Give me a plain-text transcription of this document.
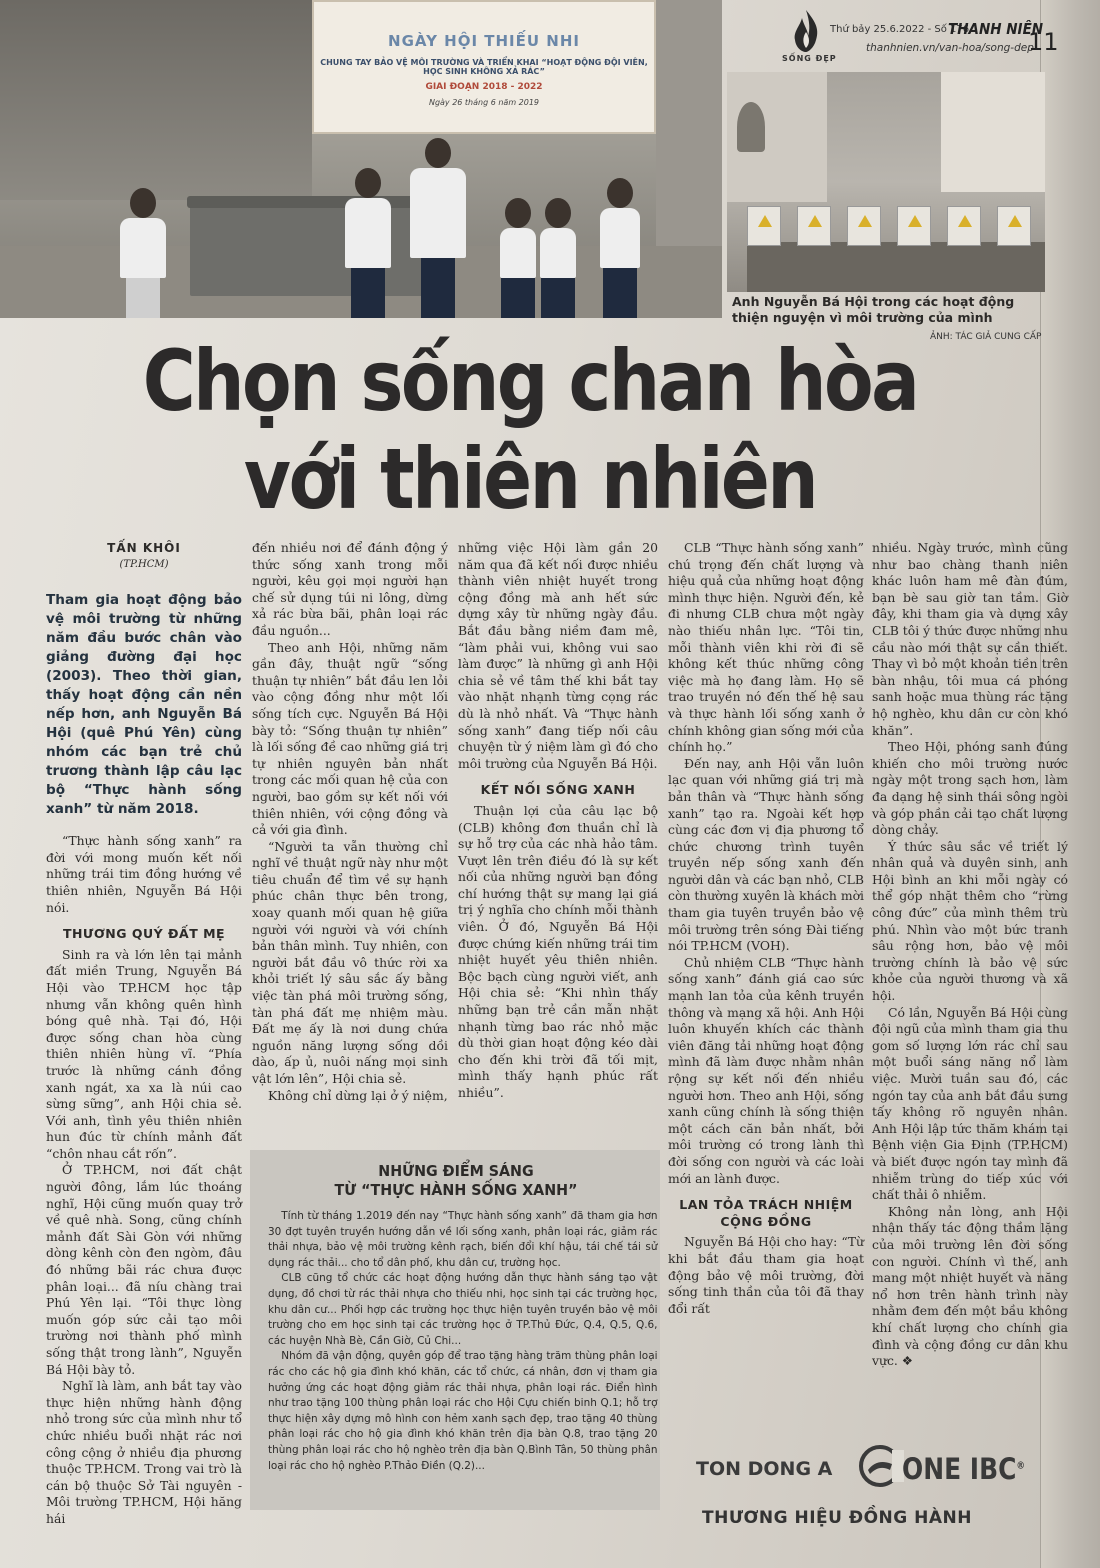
NGÀY HỘI THIẾU NHI
CHUNG TAY BẢO VỆ MÔI TRƯỜNG VÀ TRIỂN KHAI “HOẠT ĐỘNG ĐỘI VIÊN, HỌC SINH KHÔNG XẢ RÁC”
GIAI ĐOẠN 2018 - 2022
Ngày 26 tháng 6 năm 2019
SỐNG ĐẸP
Thứ bảy 25.6.2022 - Số 176
THANH NIÊN
thanhnien.vn/van-hoa/song-dep
11
Anh Nguyễn Bá Hội trong các hoạt động thiện nguyện vì môi trường của mình
ẢNH: TÁC GIẢ CUNG CẤP
Chọn sống chan hòa
với thiên nhiên
TẤN KHÔI
(TP.HCM)
Tham gia hoạt động bảo vệ môi trường từ những năm đầu bước chân vào giảng đường đại học (2003). Theo thời gian, thấy hoạt động cần nền nếp hơn, anh Nguyễn Bá Hội (quê Phú Yên) cùng nhóm các bạn trẻ chủ trương thành lập câu lạc bộ “Thực hành sống xanh” từ năm 2018.

“Thực hành sống xanh” ra đời với mong muốn kết nối những trái tim đồng hướng về thiên nhiên, Nguyễn Bá Hội nói.

THƯƠNG QUÝ ĐẤT MẸ

Sinh ra và lớn lên tại mảnh đất miền Trung, Nguyễn Bá Hội vào TP.HCM học tập nhưng vẫn không quên hình bóng quê nhà. Tại đó, Hội được sống chan hòa cùng thiên nhiên hùng vĩ. “Phía trước là những cánh đồng xanh ngát, xa xa là núi cao sừng sững”, anh Hội chia sẻ. Với anh, tình yêu thiên nhiên hun đúc từ chính mảnh đất “chôn nhau cắt rốn”.

Ở TP.HCM, nơi đất chật người đông, lắm lúc thoáng nghĩ, Hội cũng muốn quay trở về quê nhà. Song, cũng chính mảnh đất Sài Gòn với những dòng kênh còn đen ngòm, đâu đó những bãi rác chưa được phân loại... đã níu chàng trai Phú Yên lại. “Tôi thực lòng muốn góp sức cải tạo môi trường nơi thành phố mình sống thật trong lành”, Nguyễn Bá Hội bày tỏ.

Nghĩ là làm, anh bắt tay vào thực hiện những hành động nhỏ trong sức của mình như tổ chức nhiều buổi nhặt rác nơi công cộng ở nhiều địa phương thuộc TP.HCM. Trong vai trò là cán bộ thuộc Sở Tài nguyên - Môi trường TP.HCM, Hội hăng hái

đến nhiều nơi để đánh động ý thức sống xanh trong mỗi người, kêu gọi mọi người hạn chế sử dụng túi ni lông, dừng xả rác bừa bãi, phân loại rác đầu nguồn...

Theo anh Hội, những năm gần đây, thuật ngữ “sống thuận tự nhiên” bắt đầu len lỏi vào cộng đồng như một lối sống tích cực. Nguyễn Bá Hội bày tỏ: “Sống thuận tự nhiên” là lối sống đề cao những giá trị tự nhiên nguyên bản nhất trong các mối quan hệ của con người, bao gồm sự kết nối với thiên nhiên, với cộng đồng và cả với gia đình.

“Người ta vẫn thường chỉ nghĩ về thuật ngữ này như một tiêu chuẩn để tìm về sự hạnh phúc chân thực bên trong, xoay quanh mối quan hệ giữa người với người và với chính bản thân mình. Tuy nhiên, con người bắt đầu vô thức rời xa khỏi triết lý sâu sắc ấy bằng việc tàn phá môi trường sống, tàn phá đất mẹ nhiệm màu. Đất mẹ ấy là nơi dung chứa nguồn năng lượng sống dồi dào, ấp ủ, nuôi nấng mọi sinh vật lớn lên”, Hội chia sẻ.

Không chỉ dừng lại ở ý niệm,

những việc Hội làm gần 20 năm qua đã kết nối được nhiều thành viên nhiệt huyết trong cộng đồng mà anh hết sức dựng xây từ những ngày đầu. Bắt đầu bằng niềm đam mê, “làm phải vui, không vui sao làm được” là những gì anh Hội chia sẻ về tâm thế khi bắt tay vào nhặt nhạnh từng cọng rác dù là nhỏ nhất. Và “Thực hành sống xanh” đang tiếp nối câu chuyện từ ý niệm làm gì đó cho môi trường của Nguyễn Bá Hội.

KẾT NỐI SỐNG XANH

Thuận lợi của câu lạc bộ (CLB) không đơn thuần chỉ là sự hỗ trợ của các nhà hảo tâm. Vượt lên trên điều đó là sự kết nối của những người bạn đồng chí hướng thật sự mang lại giá trị ý nghĩa cho chính mỗi thành viên. Ở đó, Nguyễn Bá Hội được chứng kiến những trái tim nhiệt huyết yêu thiên nhiên. Bộc bạch cùng người viết, anh Hội chia sẻ: “Khi nhìn thấy những bạn trẻ cần mẫn nhặt nhạnh từng bao rác nhỏ mặc dù thời gian hoạt động kéo dài cho đến khi trời đã tối mịt, mình thấy hạnh phúc rất nhiều”.

CLB “Thực hành sống xanh” chú trọng đến chất lượng và hiệu quả của những hoạt động mình thực hiện. Người đến, kẻ đi nhưng CLB chưa một ngày nào thiếu nhân lực. “Tôi tin, mỗi thành viên khi rời đi sẽ không kết thúc những công việc mà họ đang làm. Họ sẽ trao truyền nó đến thế hệ sau và thực hành lối sống xanh ở chính không gian sống mới của chính họ.”

Đến nay, anh Hội vẫn luôn lạc quan với những giá trị mà bản thân và “Thực hành sống xanh” tạo ra. Ngoài kết hợp cùng các đơn vị địa phương tổ chức chương trình tuyên truyền nếp sống xanh đến người dân và các bạn nhỏ, CLB còn thường xuyên là khách mời tham gia tuyên truyền bảo vệ môi trường trên sóng Đài tiếng nói TP.HCM (VOH).

Chủ nhiệm CLB “Thực hành sống xanh” đánh giá cao sức mạnh lan tỏa của kênh truyền thông và mạng xã hội. Anh Hội luôn khuyến khích các thành viên đăng tải những hoạt động mình đã làm được nhằm nhân rộng sự kết nối đến nhiều người hơn. Theo anh Hội, sống xanh cũng chính là sống thiện một cách căn bản nhất, bởi môi trường có trong lành thì đời sống con người và các loài mới an lành được.

LAN TỎA TRÁCH NHIỆM CỘNG ĐỒNG

Nguyễn Bá Hội cho hay: “Từ khi bắt đầu tham gia hoạt động bảo vệ môi trường, đời sống tinh thần của tôi đã thay đổi rất

nhiều. Ngày trước, mình cũng như bao chàng thanh niên khác luôn ham mê đàn đúm, bạn bè sau giờ tan tầm. Giờ đây, khi tham gia và dựng xây CLB tôi ý thức được những nhu cầu nào mới thật sự cần thiết. Thay vì bỏ một khoản tiền trên bàn nhậu, tôi mua cá phóng sanh hoặc mua thùng rác tặng hộ nghèo, khu dân cư còn khó khăn”.

Theo Hội, phóng sanh đúng khiến cho môi trường nước ngày một trong sạch hơn, làm đa dạng hệ sinh thái sông ngòi và góp phần cải tạo chất lượng dòng chảy.

Ý thức sâu sắc về triết lý nhân quả và duyên sinh, anh Hội bình an khi mỗi ngày có thể góp nhặt thêm cho “rừng công đức” của mình thêm trù phú. Nhìn vào một bức tranh sâu rộng hơn, bảo vệ môi trường chính là bảo vệ sức khỏe của người thương và xã hội.

Có lần, Nguyễn Bá Hội cùng đội ngũ của mình tham gia thu gom số lượng lớn rác chỉ sau một buổi sáng năng nổ làm việc. Mười tuần sau đó, các ngón tay của anh bắt đầu sưng tấy không rõ nguyên nhân. Anh Hội lập tức thăm khám tại Bệnh viện Gia Định (TP.HCM) và biết được ngón tay mình đã nhiễm trùng do tiếp xúc với chất thải ô nhiễm.

Không nản lòng, anh Hội nhận thấy tác động thầm lặng của môi trường lên đời sống con người. Chính vì thế, anh mang một nhiệt huyết và năng nổ hơn trên hành trình này nhằm đem đến một bầu không khí chất lượng cho chính gia đình và cộng đồng cư dân khu vực. ❖

NHỮNG ĐIỂM SÁNG
TỪ “THỰC HÀNH SỐNG XANH”

Tính từ tháng 1.2019 đến nay “Thực hành sống xanh” đã tham gia hơn 30 đợt tuyên truyền hướng dẫn về lối sống xanh, phân loại rác, giảm rác thải nhựa, bảo vệ môi trường kênh rạch, biến đổi khí hậu, tái chế tái sử dụng rác thải... cho tổ dân phố, khu dân cư, trường học.

CLB cũng tổ chức các hoạt động hướng dẫn thực hành sáng tạo vật dụng, đồ chơi từ rác thải nhựa cho thiếu nhi, học sinh tại các trường học, khu dân cư... Phối hợp các trường học thực hiện tuyên truyền bảo vệ môi trường cho em học sinh tại các trường học ở TP.Thủ Đức, Q.4, Q.5, Q.6, các huyện Nhà Bè, Cần Giờ, Củ Chi...

Nhóm đã vận động, quyên góp để trao tặng hàng trăm thùng phân loại rác cho các hộ gia đình khó khăn, các tổ chức, cá nhân, đơn vị tham gia hưởng ứng các hoạt động giảm rác thải nhựa, phân loại rác. Điển hình như trao tặng 100 thùng phân loại rác cho Hội Cựu chiến binh Q.1; hỗ trợ thực hiện xây dựng mô hình con hẻm xanh sạch đẹp, trao tặng 40 thùng phân loại rác cho hộ gia đình khó khăn trên địa bàn Q.8, trao tặng 20 thùng phân loại rác cho hộ nghèo trên địa bàn Q.Bình Tân, 50 thùng phân loại rác cho hộ nghèo P.Thảo Điền (Q.2)...	TON DONG A ONE IBC®
THƯƠNG HIỆU ĐỒNG HÀNH
